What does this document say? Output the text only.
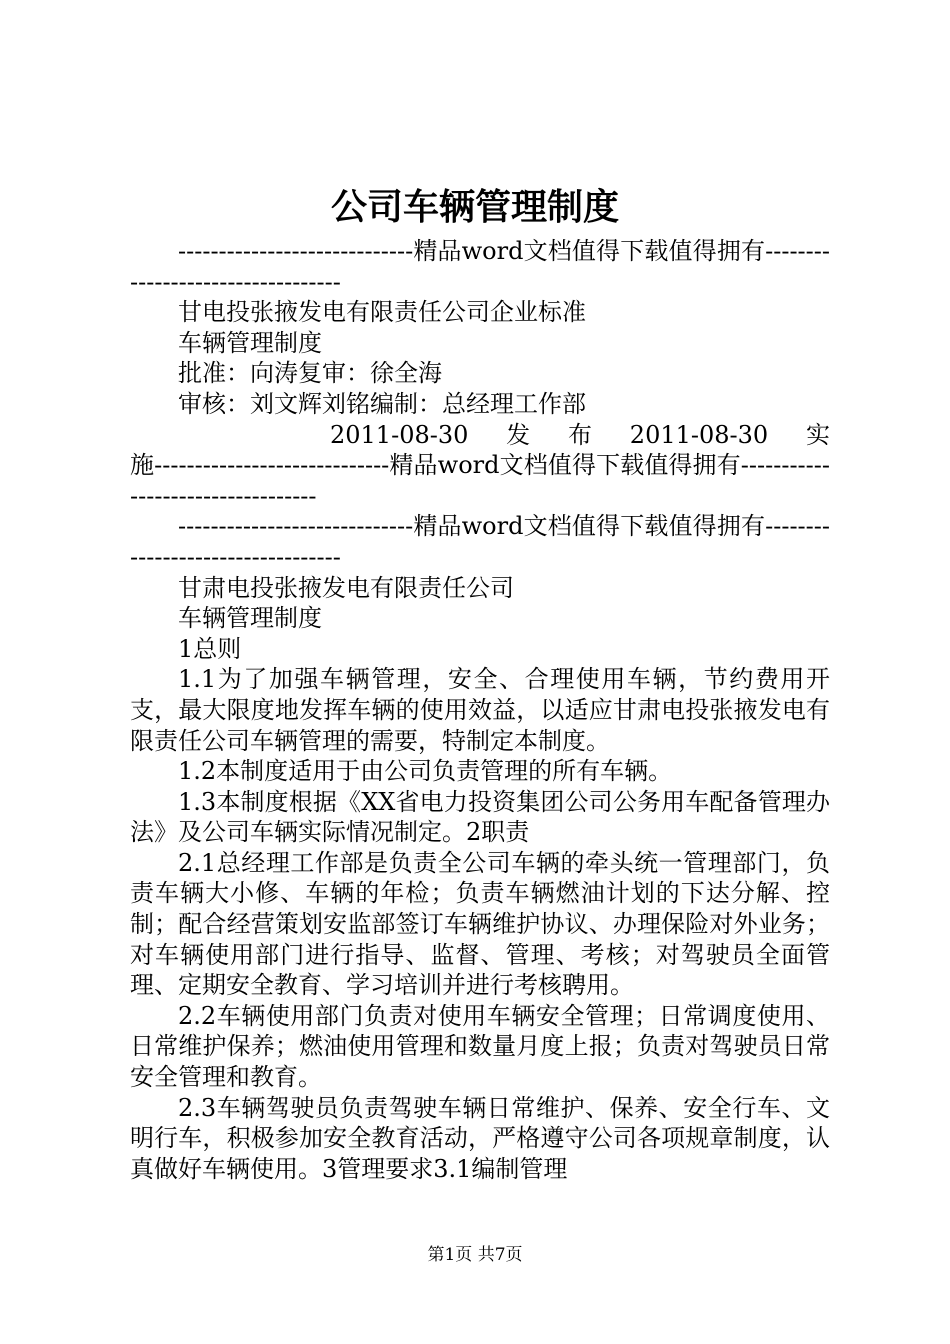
公司车辆管理制度

-----------------------------精品word文档值得下载值得拥有----------------------------------

甘电投张掖发电有限责任公司企业标准

车辆管理制度

批准：向涛复审：徐全海

审核：刘文辉刘铭编制：总经理工作部

2011-08-30　发　布　2011-08-30　实

施-----------------------------精品word文档值得下载值得拥有----------------------------------

-----------------------------精品word文档值得下载值得拥有----------------------------------

甘肃电投张掖发电有限责任公司

车辆管理制度

1总则

1.1为了加强车辆管理，安全、合理使用车辆，节约费用开支，最大限度地发挥车辆的使用效益，以适应甘肃电投张掖发电有限责任公司车辆管理的需要，特制定本制度。

1.2本制度适用于由公司负责管理的所有车辆。

1.3本制度根据《XX省电力投资集团公司公务用车配备管理办法》及公司车辆实际情况制定。2职责

2.1总经理工作部是负责全公司车辆的牵头统一管理部门，负责车辆大小修、车辆的年检；负责车辆燃油计划的下达分解、控制；配合经营策划安监部签订车辆维护协议、办理保险对外业务；对车辆使用部门进行指导、监督、管理、考核；对驾驶员全面管理、定期安全教育、学习培训并进行考核聘用。

2.2车辆使用部门负责对使用车辆安全管理；日常调度使用、日常维护保养；燃油使用管理和数量月度上报；负责对驾驶员日常安全管理和教育。

2.3车辆驾驶员负责驾驶车辆日常维护、保养、安全行车、文明行车，积极参加安全教育活动，严格遵守公司各项规章制度，认真做好车辆使用。3管理要求3.1编制管理

第1页 共7页
